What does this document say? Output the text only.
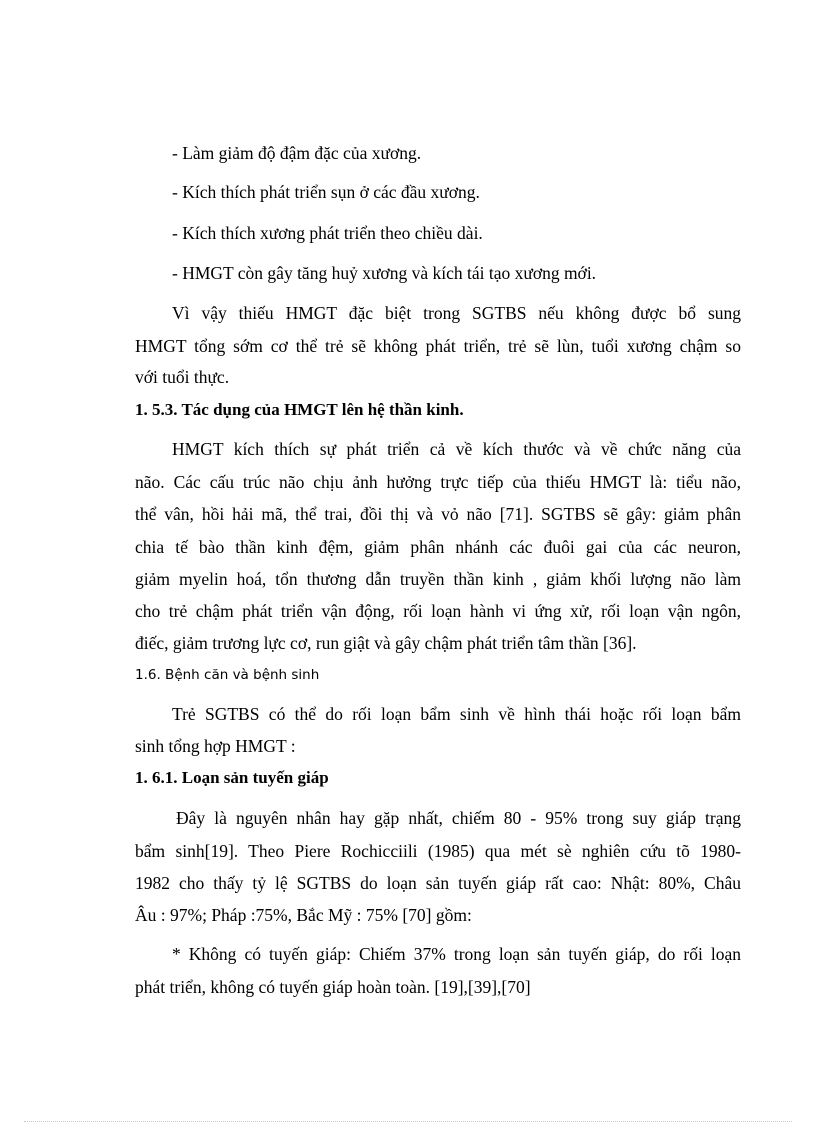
- Làm giảm độ đậm đặc của xương.
- Kích thích phát triển sụn ở các đầu xương.
- Kích thích xương phát triển theo chiều dài.
- HMGT còn gây tăng huỷ xương và kích tái tạo xương mới.
Vì vậy thiếu HMGT đặc biệt trong SGTBS nếu không được bổ sung
HMGT tổng sớm cơ thể trẻ sẽ không phát triển, trẻ sẽ lùn, tuổi xương chậm so
với tuổi thực.
1. 5.3. Tác dụng của HMGT lên hệ thần kinh.
HMGT kích thích sự phát triển cả về kích thước và về chức năng của
não. Các cấu trúc não chịu ảnh hưởng trực tiếp của thiếu HMGT là: tiểu não,
thể vân, hồi hải mã, thể trai, đồi thị và vỏ não [71]. SGTBS sẽ gây: giảm phân
chia tế bào thần kinh đệm, giảm phân nhánh các đuôi gai của các neuron,
giảm myelin hoá, tổn thương dẫn truyền thần kinh , giảm khối lượng não làm
cho trẻ chậm phát triển vận động, rối loạn hành vi ứng xử, rối loạn vận ngôn,
điếc, giảm trương lực cơ, run giật và gây chậm phát triển tâm thần [36].
1.6. Bệnh căn và bệnh sinh
Trẻ SGTBS có thể do rối loạn bẩm sinh về hình thái hoặc rối loạn bẩm
sinh tổng hợp HMGT :
1. 6.1. Loạn sản tuyến giáp
Đây là nguyên nhân hay gặp nhất, chiếm 80 - 95% trong suy giáp trạng
bẩm sinh[19]. Theo Piere Rochicciili (1985) qua mét sè nghiên cứu tõ 1980-
1982 cho thấy tỷ lệ SGTBS do loạn sản tuyến giáp rất cao: Nhật: 80%, Châu
Âu : 97%; Pháp :75%, Bắc Mỹ : 75% [70] gồm:
* Không có tuyến giáp: Chiếm 37% trong loạn sản tuyến giáp, do rối loạn
phát triển, không có tuyến giáp hoàn toàn. [19],[39],[70]
